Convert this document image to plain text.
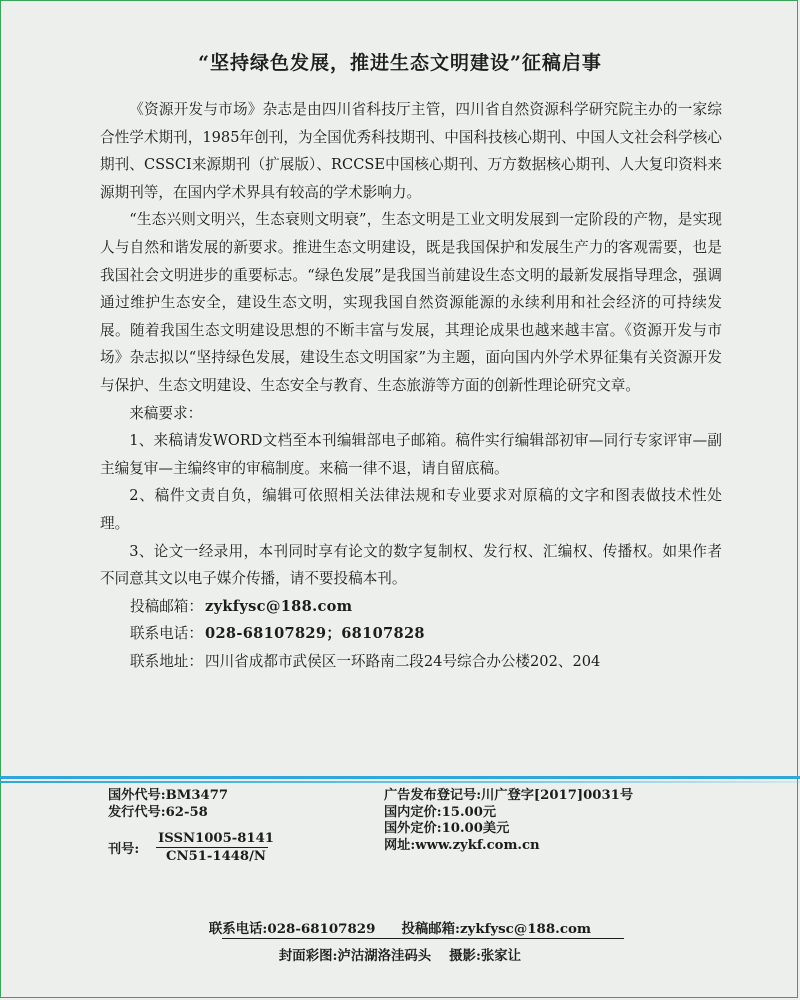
“坚持绿色发展，推进生态文明建设”征稿启事

《资源开发与市场》杂志是由四川省科技厅主管，四川省自然资源科学研究院主办的一家综合性学术期刊，1985年创刊，为全国优秀科技期刊、中国科技核心期刊、中国人文社会科学核心期刊、CSSCI来源期刊（扩展版）、RCCSE中国核心期刊、万方数据核心期刊、人大复印资料来源期刊等，在国内学术界具有较高的学术影响力。

“生态兴则文明兴，生态衰则文明衰”，生态文明是工业文明发展到一定阶段的产物，是实现人与自然和谐发展的新要求。推进生态文明建设，既是我国保护和发展生产力的客观需要，也是我国社会文明进步的重要标志。“绿色发展”是我国当前建设生态文明的最新发展指导理念，强调通过维护生态安全，建设生态文明，实现我国自然资源能源的永续利用和社会经济的可持续发展。随着我国生态文明建设思想的不断丰富与发展，其理论成果也越来越丰富。《资源开发与市场》杂志拟以“坚持绿色发展，建设生态文明国家”为主题，面向国内外学术界征集有关资源开发与保护、生态文明建设、生态安全与教育、生态旅游等方面的创新性理论研究文章。

来稿要求：

1、来稿请发WORD文档至本刊编辑部电子邮箱。稿件实行编辑部初审—同行专家评审—副主编复审—主编终审的审稿制度。来稿一律不退，请自留底稿。

2、稿件文责自负，编辑可依照相关法律法规和专业要求对原稿的文字和图表做技术性处理。

3、论文一经录用，本刊同时享有论文的数字复制权、发行权、汇编权、传播权。如果作者不同意其文以电子媒介传播，请不要投稿本刊。

投稿邮箱： zykfysc@188.com
联系电话： 028-68107829；68107828
联系地址： 四川省成都市武侯区一环路南二段24号综合办公楼202、204
国外代号:BM3477
发行代号:62-58
刊号:
ISSN1005-8141
CN51-1448/N
广告发布登记号:川广登字[2017]0031号
国内定价:15.00元
国外定价:10.00美元
网址:www.zykf.com.cn
联系电话:028-68107829 投稿邮箱:zykfysc@188.com
封面彩图:泸沽湖洛洼码头 摄影:张家让
